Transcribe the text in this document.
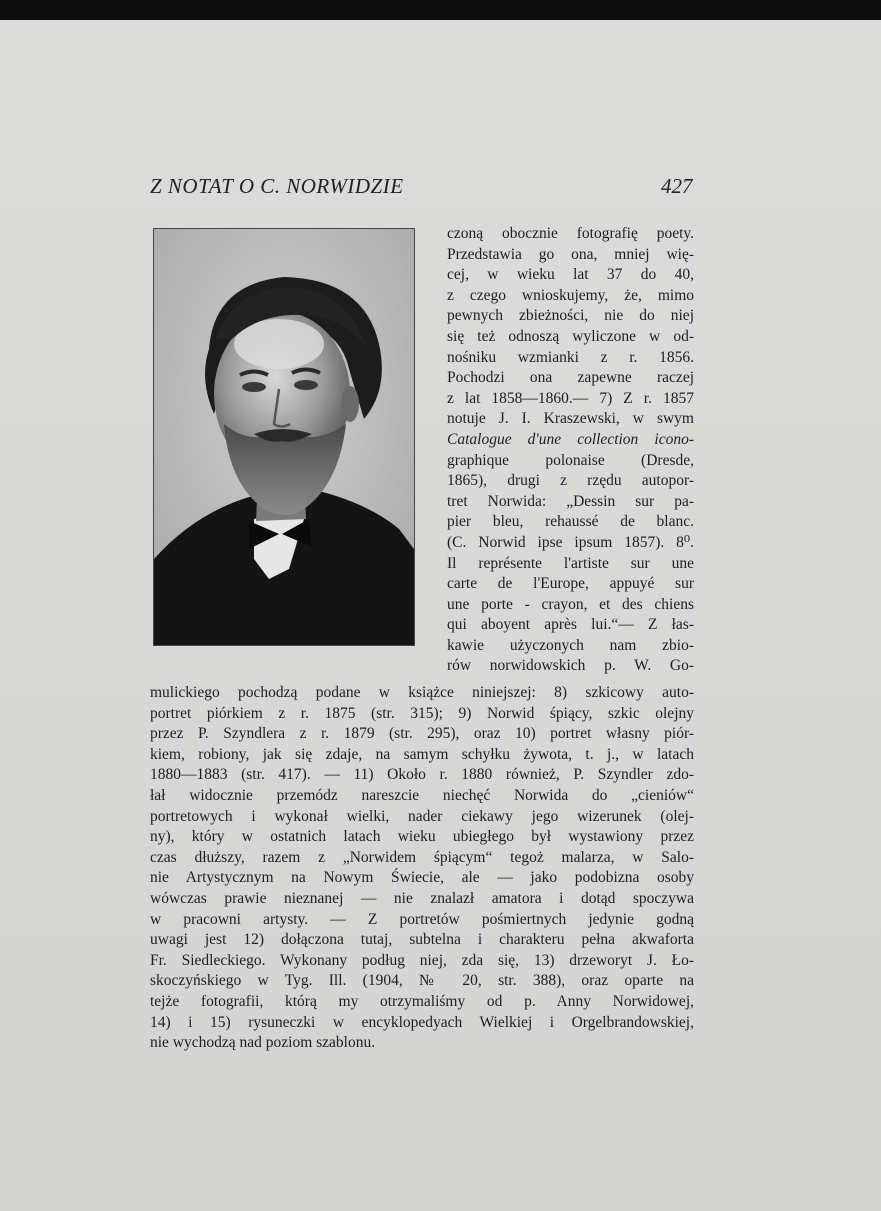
Z NOTAT O C. NORWIDZIE	427
czoną obocznie fotografię poety.
Przedstawia go ona, mniej wię-
cej, w wieku lat 37 do 40,
z czego wnioskujemy, że, mimo
pewnych zbieżności, nie do niej
się też odnoszą wyliczone w od-
nośniku wzmianki z r. 1856.
Pochodzi ona zapewne raczej
z lat 1858—1860.— 7) Z r. 1857
notuje J. I. Kraszewski, w swym
Catalogue d'une collection icono-
graphique polonaise (Dresde,
1865), drugi z rzędu autopor-
tret Norwida: „Dessin sur pa-
pier bleu, rehaussé de blanc.
(C. Norwid ipse ipsum 1857). 8⁰.
Il représente l'artiste sur une
carte de l'Europe, appuyé sur
une porte - crayon, et des chiens
qui aboyent après lui.“— Z łas-
kawie użyczonych nam zbio-
rów norwidowskich p. W. Go-
mulickiego pochodzą podane w książce niniejszej: 8) szkicowy auto-
portret piórkiem z r. 1875 (str. 315); 9) Norwid śpiący, szkic olejny
przez P. Szyndlera z r. 1879 (str. 295), oraz 10) portret własny piór-
kiem, robiony, jak się zdaje, na samym schyłku żywota, t. j., w latach
1880—1883 (str. 417). — 11) Około r. 1880 również, P. Szyndler zdo-
łał widocznie przemódz nareszcie niechęć Norwida do „cieniów“
portretowych i wykonał wielki, nader ciekawy jego wizerunek (olej-
ny), który w ostatnich latach wieku ubiegłego był wystawiony przez
czas dłuższy, razem z „Norwidem śpiącym“ tegoż malarza, w Salo-
nie Artystycznym na Nowym Świecie, ale — jako podobizna osoby
wówczas prawie nieznanej — nie znalazł amatora i dotąd spoczywa
w pracowni artysty. — Z portretów pośmiertnych jedynie godną
uwagi jest 12) dołączona tutaj, subtelna i charakteru pełna akwaforta
Fr. Siedleckiego. Wykonany podług niej, zda się, 13) drzeworyt J. Ło-
skoczyńskiego w Tyg. Ill. (1904, № 20, str. 388), oraz oparte na
tejże fotografii, którą my otrzymaliśmy od p. Anny Norwidowej,
14) i 15) rysuneczki w encyklopedyach Wielkiej i Orgelbrandowskiej,
nie wychodzą nad poziom szablonu.
